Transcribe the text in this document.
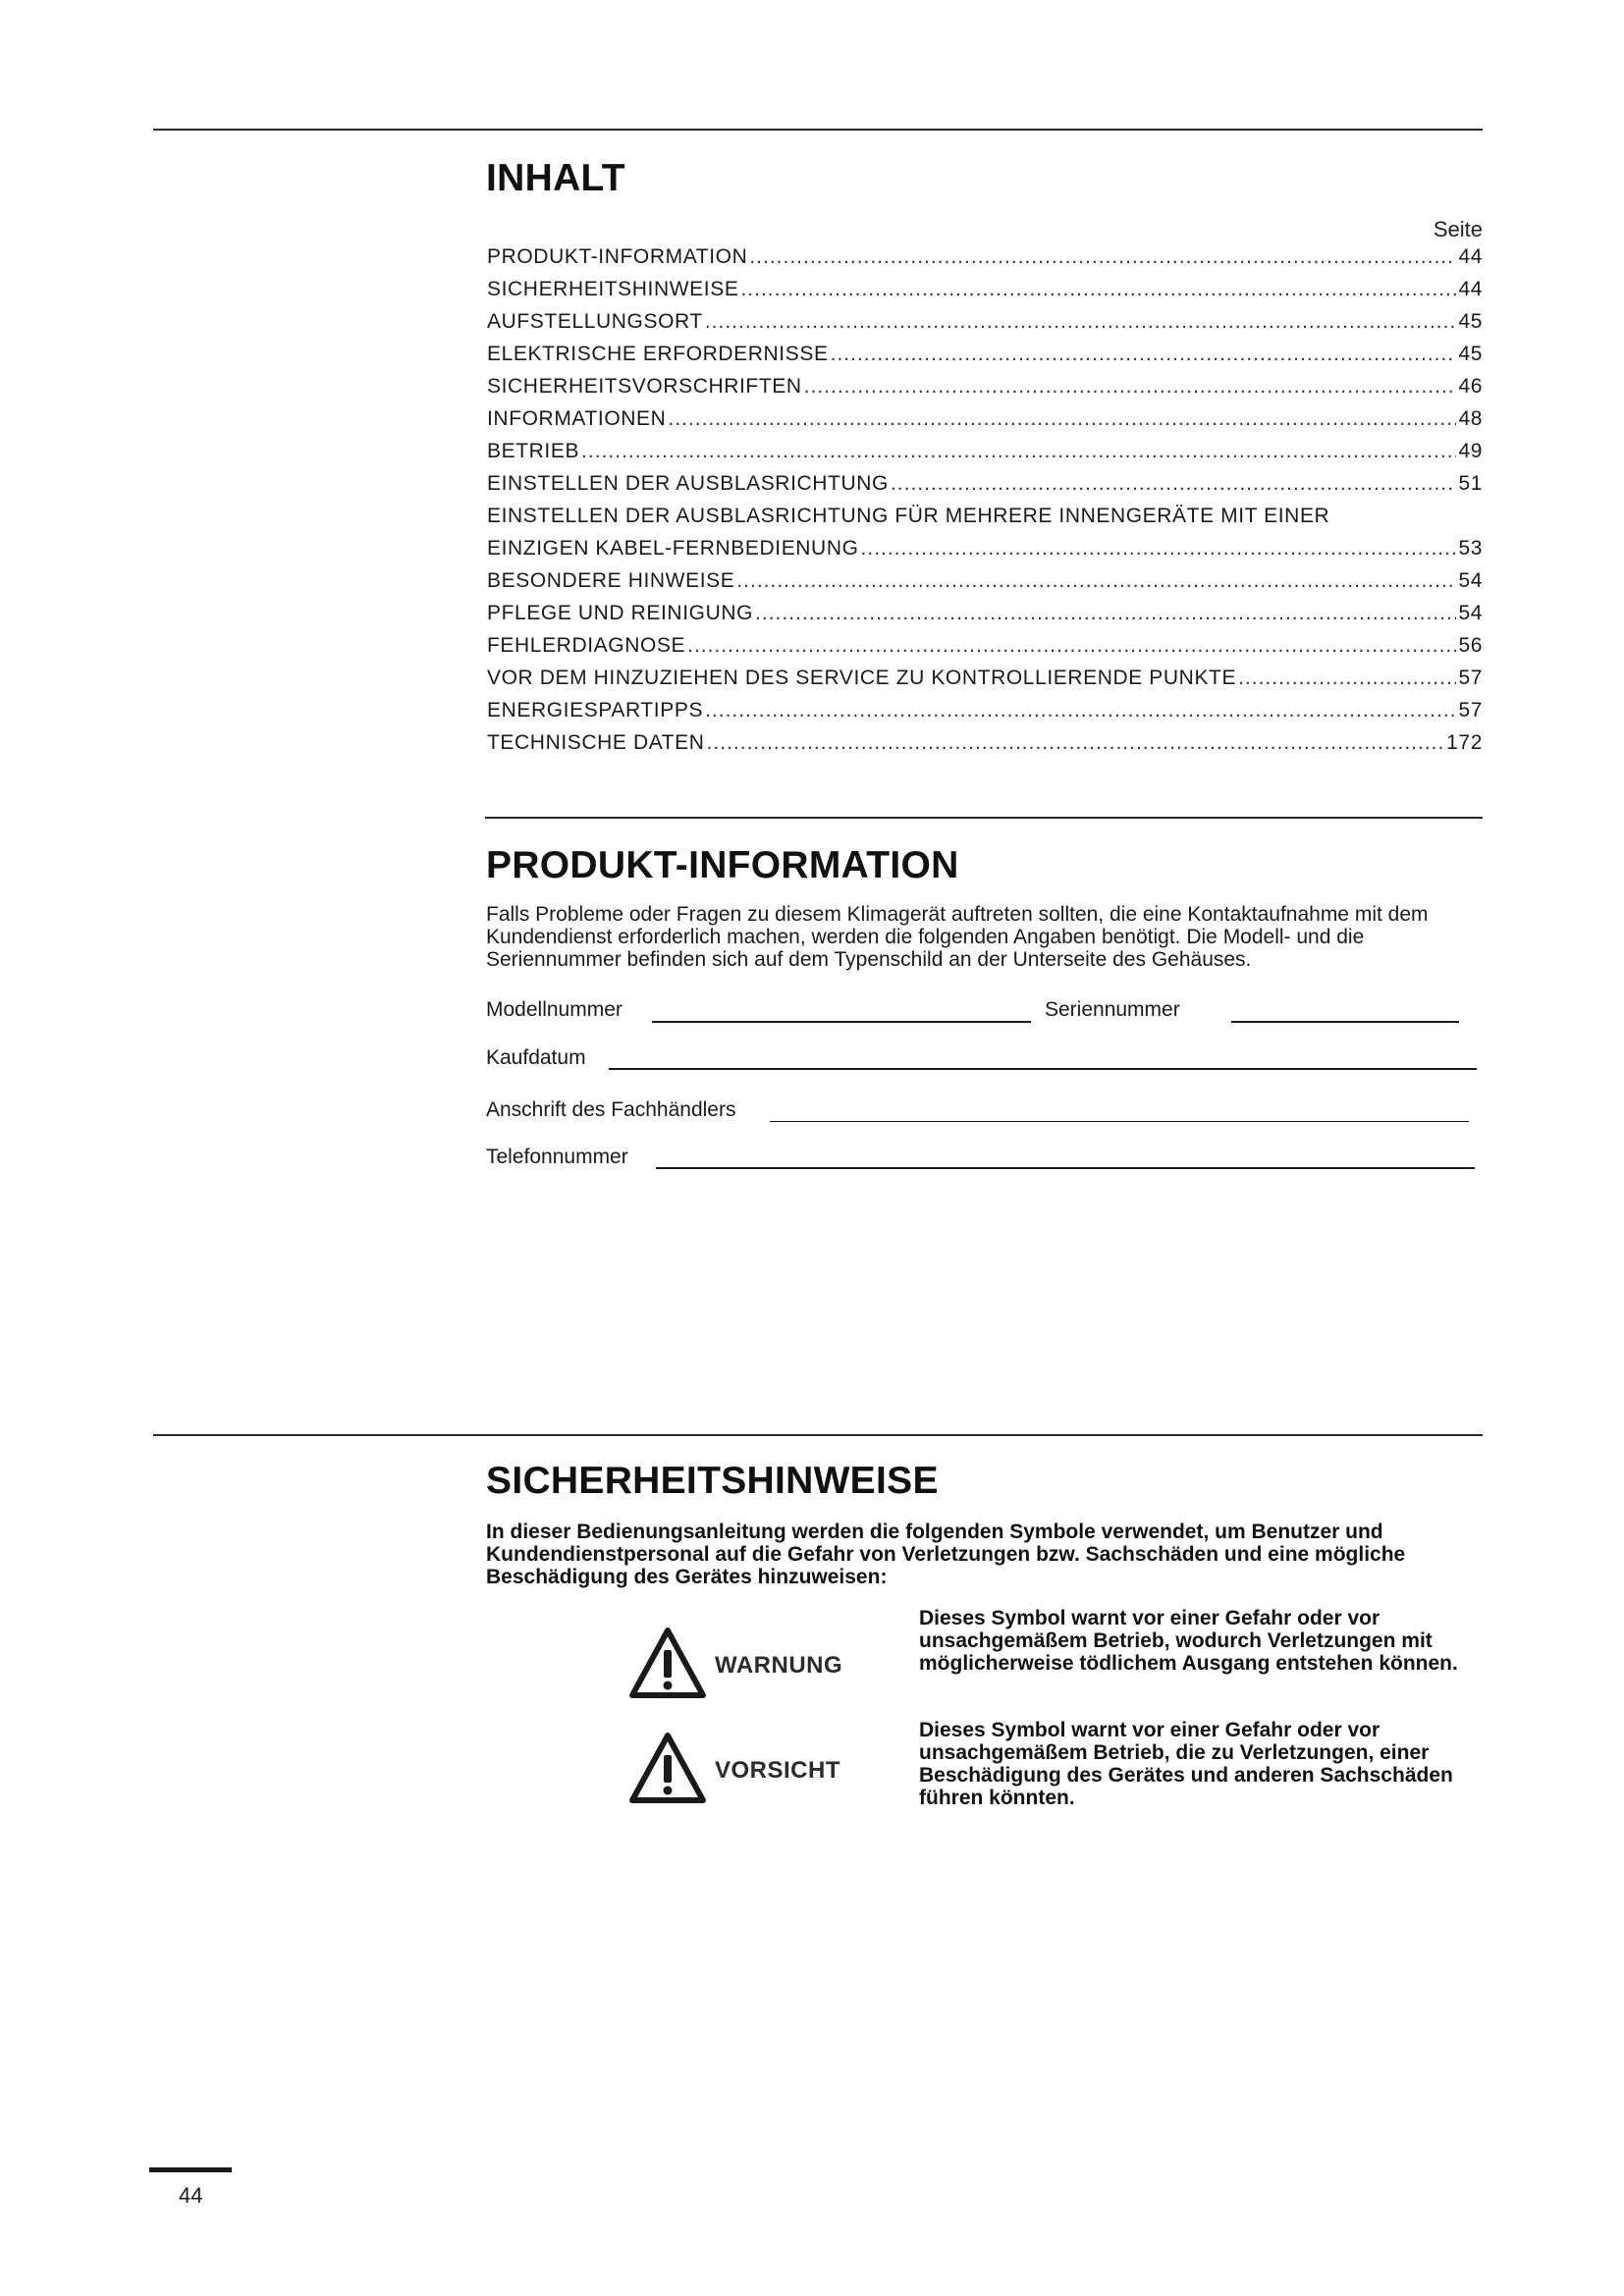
INHALT
Seite
PRODUKT-INFORMATION .....	44
SICHERHEITSHINWEISE .....	44
AUFSTELLUNGSORT .....	45
ELEKTRISCHE ERFORDERNISSE .....	45
SICHERHEITSVORSCHRIFTEN .....	46
INFORMATIONEN .....	48
BETRIEB .....	49
EINSTELLEN DER AUSBLASRICHTUNG .....	51
EINSTELLEN DER AUSBLASRICHTUNG FÜR MEHRERE INNENGERÄTE MIT EINER
EINZIGEN KABEL-FERNBEDIENUNG .....	53
BESONDERE HINWEISE .....	54
PFLEGE UND REINIGUNG .....	54
FEHLERDIAGNOSE .....	56
VOR DEM HINZUZIEHEN DES SERVICE ZU KONTROLLIERENDE PUNKTE .....	57
ENERGIESPARTIPPS .....	57
TECHNISCHE DATEN .....	172
PRODUKT-INFORMATION
Falls Probleme oder Fragen zu diesem Klimagerät auftreten sollten, die eine Kontaktaufnahme mit dem Kundendienst erforderlich machen, werden die folgenden Angaben benötigt. Die Modell- und die Seriennummer befinden sich auf dem Typenschild an der Unterseite des Gehäuses.
Modellnummer	Seriennummer
Kaufdatum
Anschrift des Fachhändlers
Telefonnummer
SICHERHEITSHINWEISE
In dieser Bedienungsanleitung werden die folgenden Symbole verwendet, um Benutzer und Kundendienstpersonal auf die Gefahr von Verletzungen bzw. Sachschäden und eine mögliche Beschädigung des Gerätes hinzuweisen:
WARNUNG
Dieses Symbol warnt vor einer Gefahr oder vor unsachgemäßem Betrieb, wodurch Verletzungen mit möglicherweise tödlichem Ausgang entstehen können.
VORSICHT
Dieses Symbol warnt vor einer Gefahr oder vor unsachgemäßem Betrieb, die zu Verletzungen, einer Beschädigung des Gerätes und anderen Sachschäden führen könnten.
44
